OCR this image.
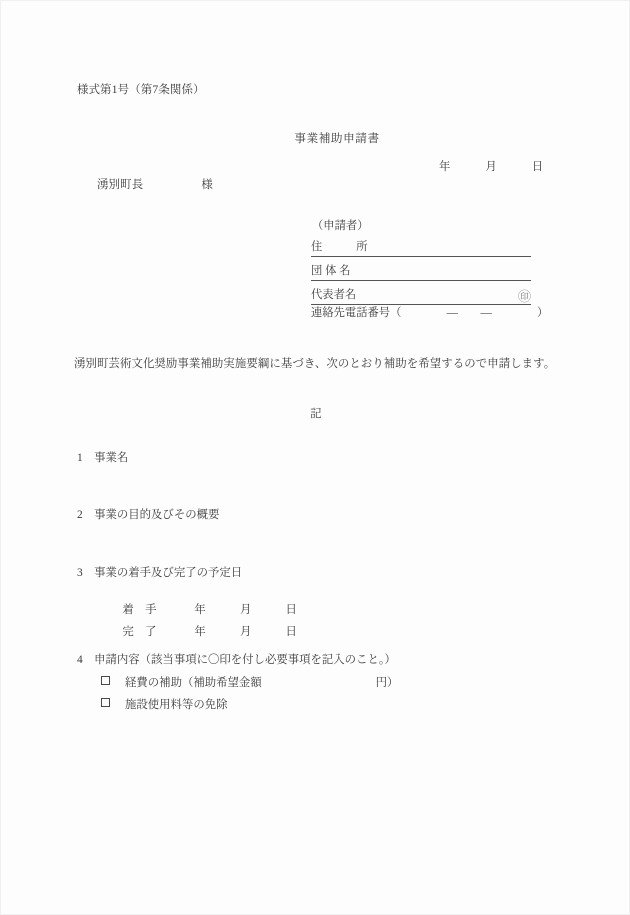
様式第1号（第7条関係）

事業補助申請書

年　　　月　　　日
湧別町長　　　　　様
（申請者）
住　　　所
団 体 名
代表者名	㊞
連絡先電話番号（　　　　―　　―　　　　）
湧別町芸術文化奨励事業補助実施要綱に基づき、次のとおり補助を希望するので申請します。
記
1　事業名
2　事業の目的及びその概要
3　事業の着手及び完了の予定日

着　手	年　　　月　　　日

完　了	年　　　月　　　日

4　申請内容（該当事項に〇印を付し必要事項を記入のこと。）
経費の補助（補助希望金額　　　　　　　　　　円）
施設使用料等の免除
